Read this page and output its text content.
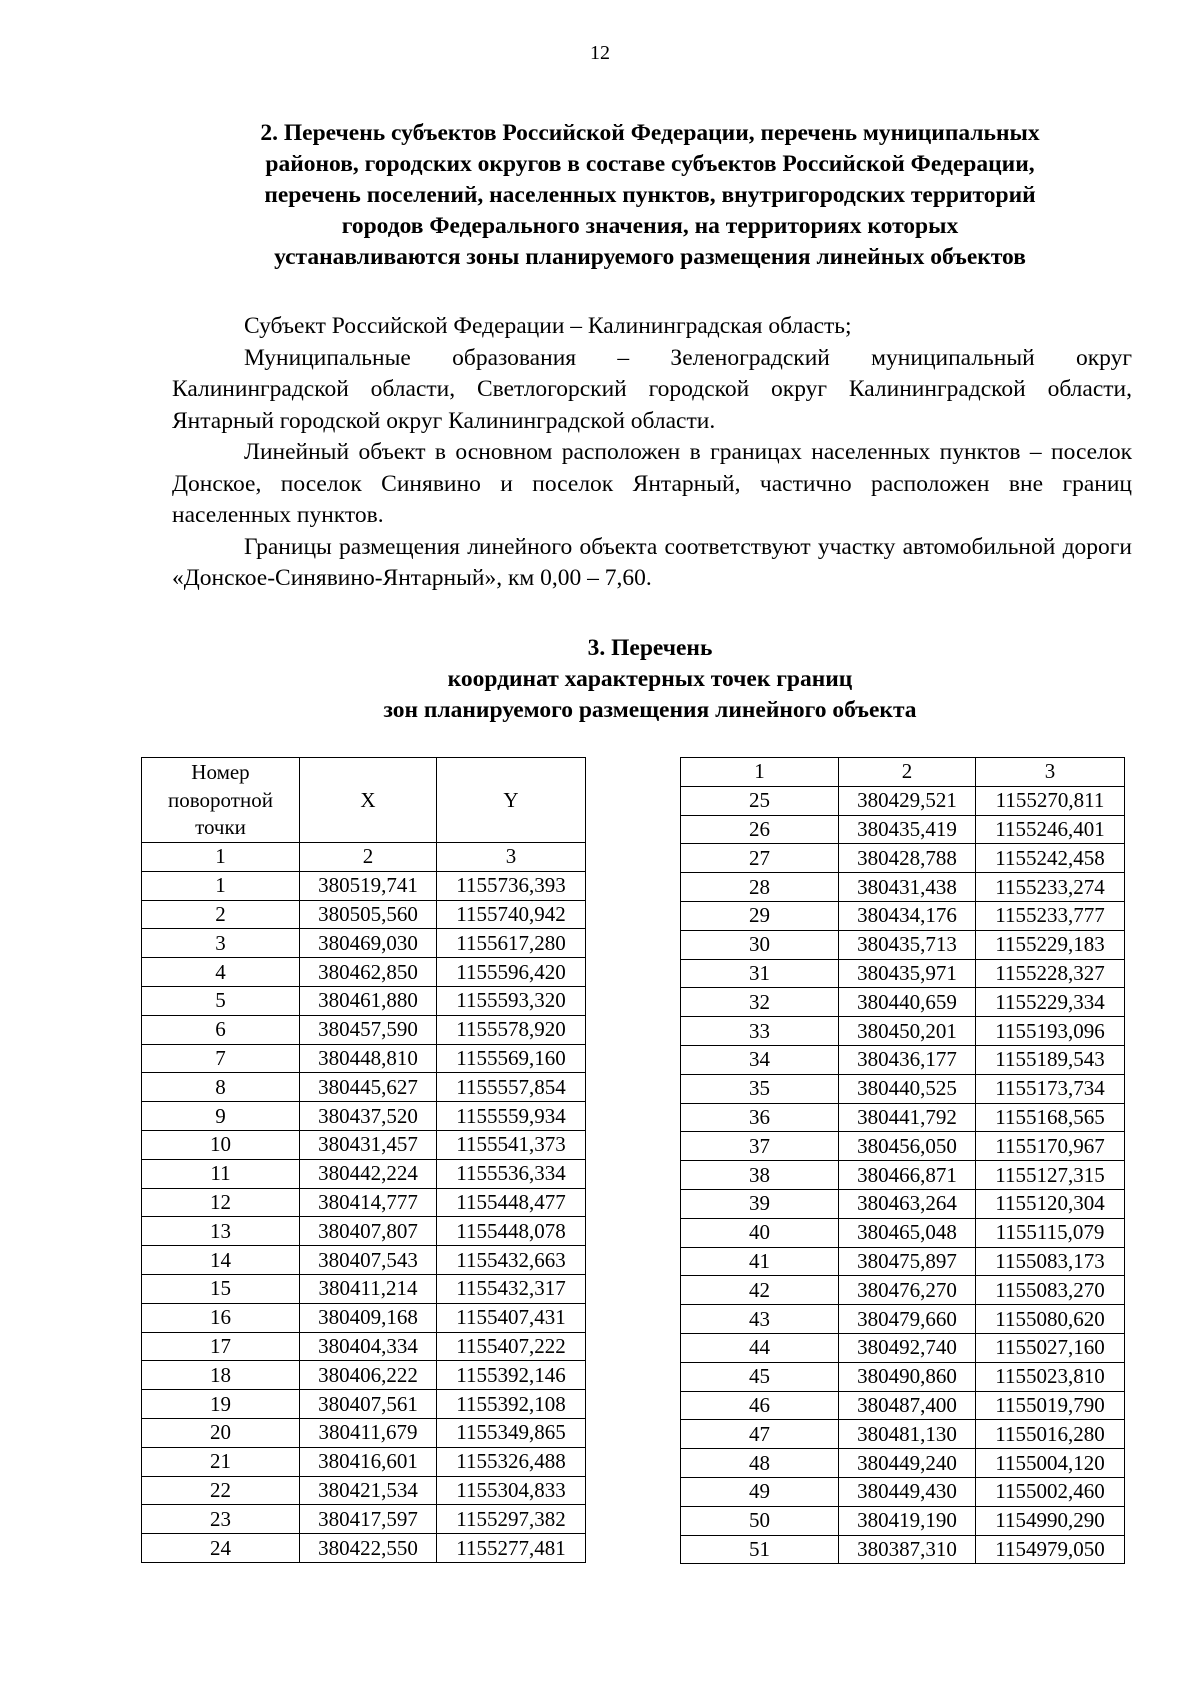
12
2. Перечень субъектов Российской Федерации, перечень муниципальных
районов, городских округов в составе субъектов Российской Федерации,
перечень поселений, населенных пунктов, внутригородских территорий
городов Федерального значения, на территориях которых
устанавливаются зоны планируемого размещения линейных объектов

Субъект Российской Федерации – Калининградская область;

Муниципальные образования – Зеленоградский муниципальный округ Калининградской области, Светлогорский городской округ Калининградской области, Янтарный городской округ Калининградской области.

Линейный объект в основном расположен в границах населенных пунктов – поселок Донское, поселок Синявино и поселок Янтарный, частично расположен вне границ населенных пунктов.

Границы размещения линейного объекта соответствуют участку автомобильной дороги «Донское-Синявино-Янтарный», км 0,00 – 7,60.

3. Перечень
координат характерных точек границ
зон планируемого размещения линейного объекта
Номер поворотной точки	X	Y
1	2	3
1	380519,741	1155736,393
2	380505,560	1155740,942
3	380469,030	1155617,280
4	380462,850	1155596,420
5	380461,880	1155593,320
6	380457,590	1155578,920
7	380448,810	1155569,160
8	380445,627	1155557,854
9	380437,520	1155559,934
10	380431,457	1155541,373
11	380442,224	1155536,334
12	380414,777	1155448,477
13	380407,807	1155448,078
14	380407,543	1155432,663
15	380411,214	1155432,317
16	380409,168	1155407,431
17	380404,334	1155407,222
18	380406,222	1155392,146
19	380407,561	1155392,108
20	380411,679	1155349,865
21	380416,601	1155326,488
22	380421,534	1155304,833
23	380417,597	1155297,382
24	380422,550	1155277,481
1	2	3
25	380429,521	1155270,811
26	380435,419	1155246,401
27	380428,788	1155242,458
28	380431,438	1155233,274
29	380434,176	1155233,777
30	380435,713	1155229,183
31	380435,971	1155228,327
32	380440,659	1155229,334
33	380450,201	1155193,096
34	380436,177	1155189,543
35	380440,525	1155173,734
36	380441,792	1155168,565
37	380456,050	1155170,967
38	380466,871	1155127,315
39	380463,264	1155120,304
40	380465,048	1155115,079
41	380475,897	1155083,173
42	380476,270	1155083,270
43	380479,660	1155080,620
44	380492,740	1155027,160
45	380490,860	1155023,810
46	380487,400	1155019,790
47	380481,130	1155016,280
48	380449,240	1155004,120
49	380449,430	1155002,460
50	380419,190	1154990,290
51	380387,310	1154979,050
